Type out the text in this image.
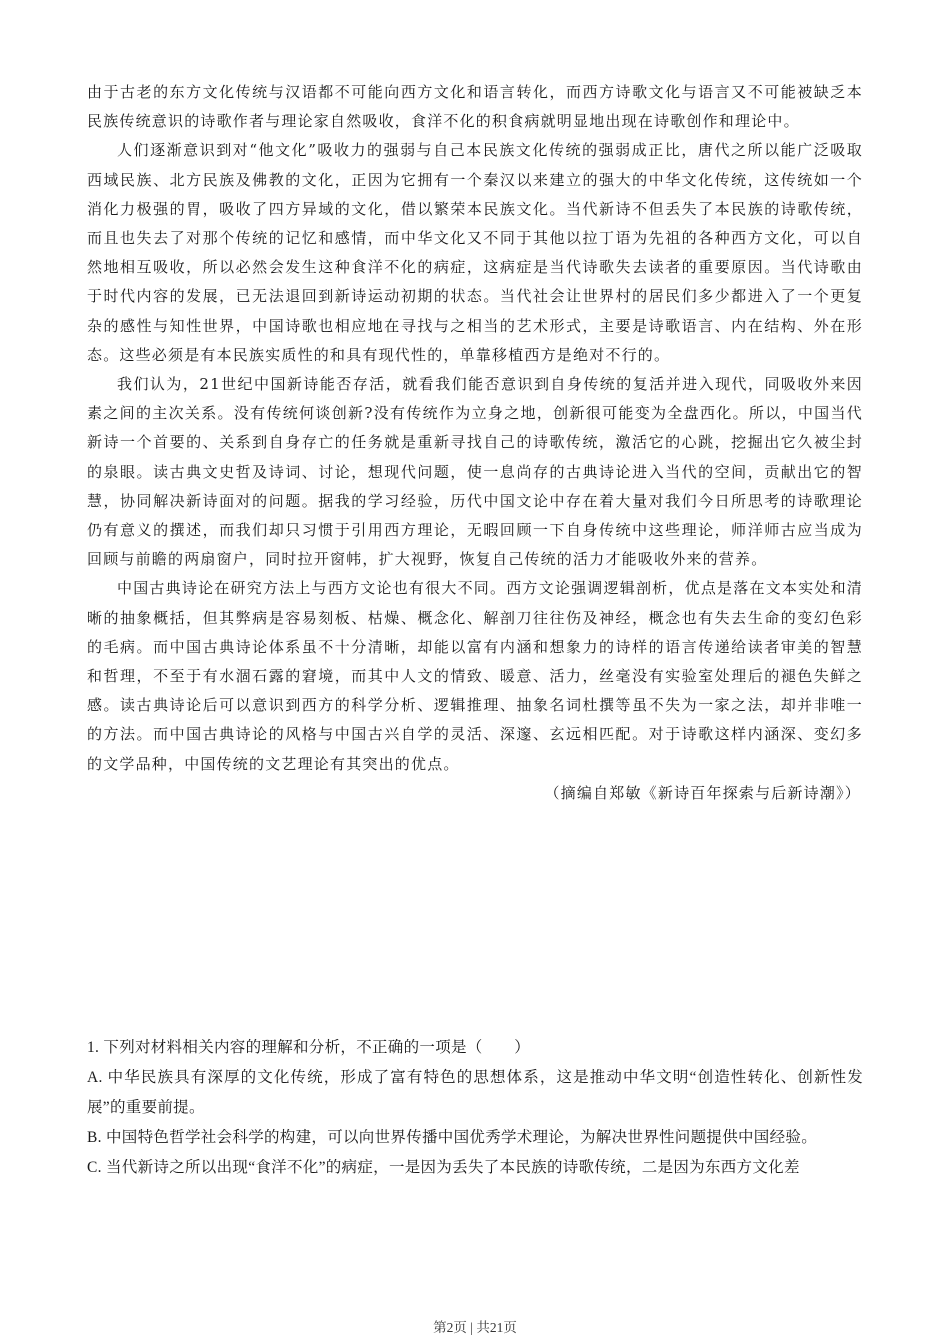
由于古老的东方文化传统与汉语都不可能向西方文化和语言转化，而西方诗歌文化与语言又不可能被缺乏本民族传统意识的诗歌作者与理论家自然吸收，食洋不化的积食病就明显地出现在诗歌创作和理论中。

人们逐渐意识到对“他文化”吸收力的强弱与自己本民族文化传统的强弱成正比，唐代之所以能广泛吸取西域民族、北方民族及佛教的文化，正因为它拥有一个秦汉以来建立的强大的中华文化传统，这传统如一个消化力极强的胃，吸收了四方异域的文化，借以繁荣本民族文化。当代新诗不但丢失了本民族的诗歌传统，而且也失去了对那个传统的记忆和感情，而中华文化又不同于其他以拉丁语为先祖的各种西方文化，可以自然地相互吸收，所以必然会发生这种食洋不化的病症，这病症是当代诗歌失去读者的重要原因。当代诗歌由于时代内容的发展，已无法退回到新诗运动初期的状态。当代社会让世界村的居民们多少都进入了一个更复杂的感性与知性世界，中国诗歌也相应地在寻找与之相当的艺术形式，主要是诗歌语言、内在结构、外在形态。这些必须是有本民族实质性的和具有现代性的，单靠移植西方是绝对不行的。

我们认为，21世纪中国新诗能否存活，就看我们能否意识到自身传统的复活并进入现代，同吸收外来因素之间的主次关系。没有传统何谈创新?没有传统作为立身之地，创新很可能变为全盘西化。所以，中国当代新诗一个首要的、关系到自身存亡的任务就是重新寻找自己的诗歌传统，激活它的心跳，挖掘出它久被尘封的泉眼。读古典文史哲及诗词、讨论，想现代问题，使一息尚存的古典诗论进入当代的空间，贡献出它的智慧，协同解决新诗面对的问题。据我的学习经验，历代中国文论中存在着大量对我们今日所思考的诗歌理论仍有意义的撰述，而我们却只习惯于引用西方理论，无暇回顾一下自身传统中这些理论，师洋师古应当成为回顾与前瞻的两扇窗户，同时拉开窗帏，扩大视野，恢复自己传统的活力才能吸收外来的营养。

中国古典诗论在研究方法上与西方文论也有很大不同。西方文论强调逻辑剖析，优点是落在文本实处和清晰的抽象概括，但其弊病是容易刻板、枯燥、概念化、解剖刀往往伤及神经，概念也有失去生命的变幻色彩的毛病。而中国古典诗论体系虽不十分清晰，却能以富有内涵和想象力的诗样的语言传递给读者审美的智慧和哲理，不至于有水涸石露的窘境，而其中人文的情致、暖意、活力，丝毫没有实验室处理后的褪色失鲜之感。读古典诗论后可以意识到西方的科学分析、逻辑推理、抽象名词杜撰等虽不失为一家之法，却并非唯一的方法。而中国古典诗论的风格与中国古兴自学的灵活、深邃、玄远相匹配。对于诗歌这样内涵深、变幻多的文学品种，中国传统的文艺理论有其突出的优点。

（摘编自郑敏《新诗百年探索与后新诗潮》）

1. 下列对材料相关内容的理解和分析，不正确的一项是（　　）

A. 中华民族具有深厚的文化传统，形成了富有特色的思想体系，这是推动中华文明“创造性转化、创新性发展”的重要前提。

B. 中国特色哲学社会科学的构建，可以向世界传播中国优秀学术理论，为解决世界性问题提供中国经验。

C. 当代新诗之所以出现“食洋不化”的病症，一是因为丢失了本民族的诗歌传统，二是因为东西方文化差

第2页 | 共21页
